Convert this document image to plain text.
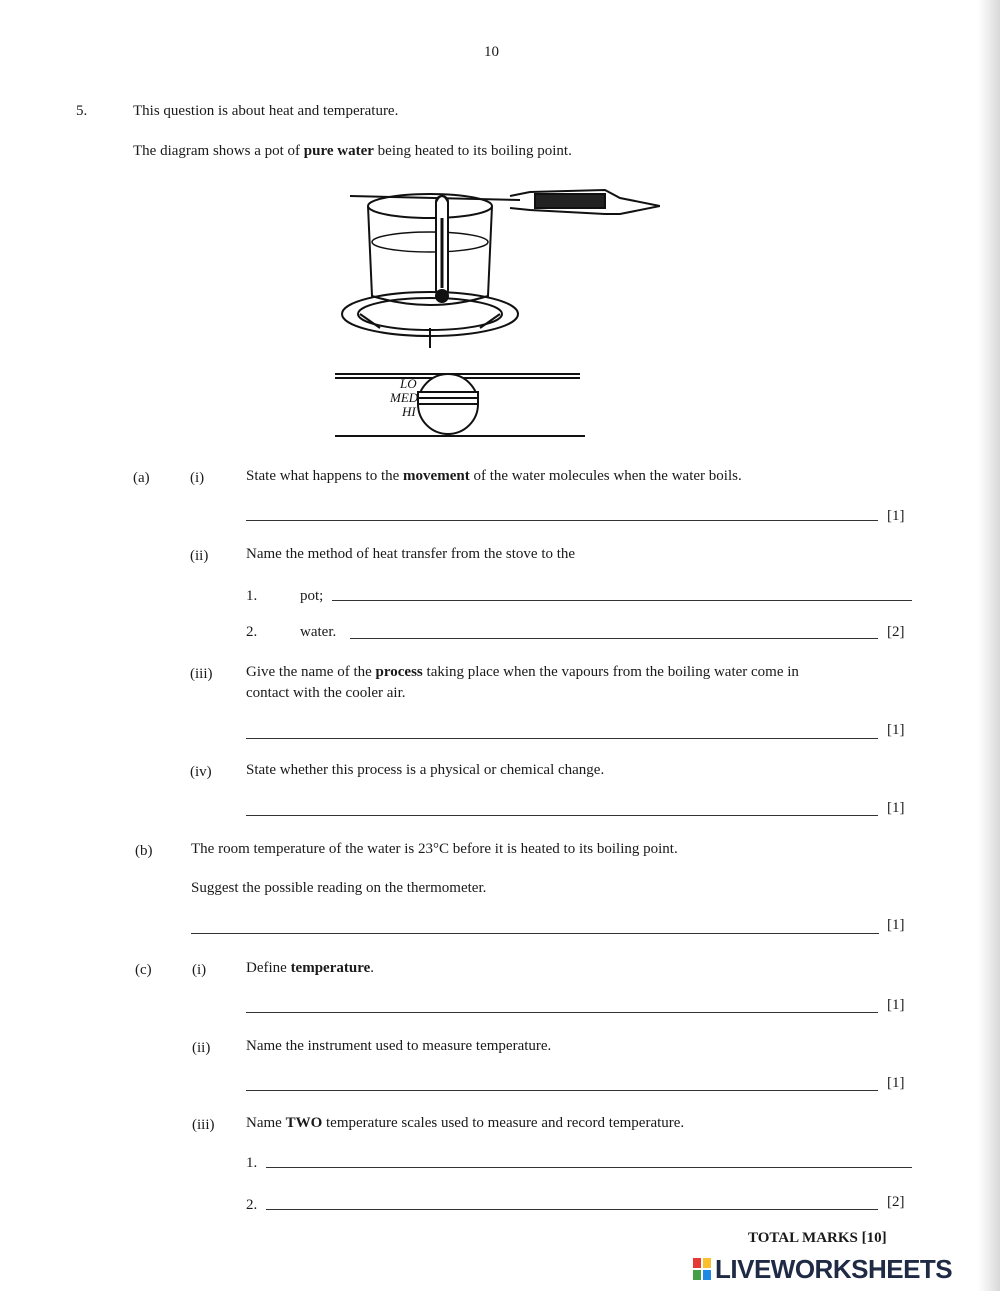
10
5.	This question is about heat and temperature.
The diagram shows a pot of pure water being heated to its boiling point.
LO
MED
HI
(a)	(i)	State what happens to the movement of the water molecules when the water boils.
[1]
(ii)	Name the method of heat transfer from the stove to the
1.	pot;
2.	water.	[2]
(iii) Give the name of the process taking place when the vapours from the boiling water come in
contact with the cooler air.
[1]
(iv) State whether this process is a physical or chemical change.
[1]
(b)	The room temperature of the water is 23°C before it is heated to its boiling point.
Suggest the possible reading on the thermometer.
[1]
(c)	(i)	Define temperature.
[1]
(ii) Name the instrument used to measure temperature.
[1]
(iii) Name TWO temperature scales used to measure and record temperature.
1.
2.	[2]
TOTAL MARKS [10]
LIVEWORKSHEETS
